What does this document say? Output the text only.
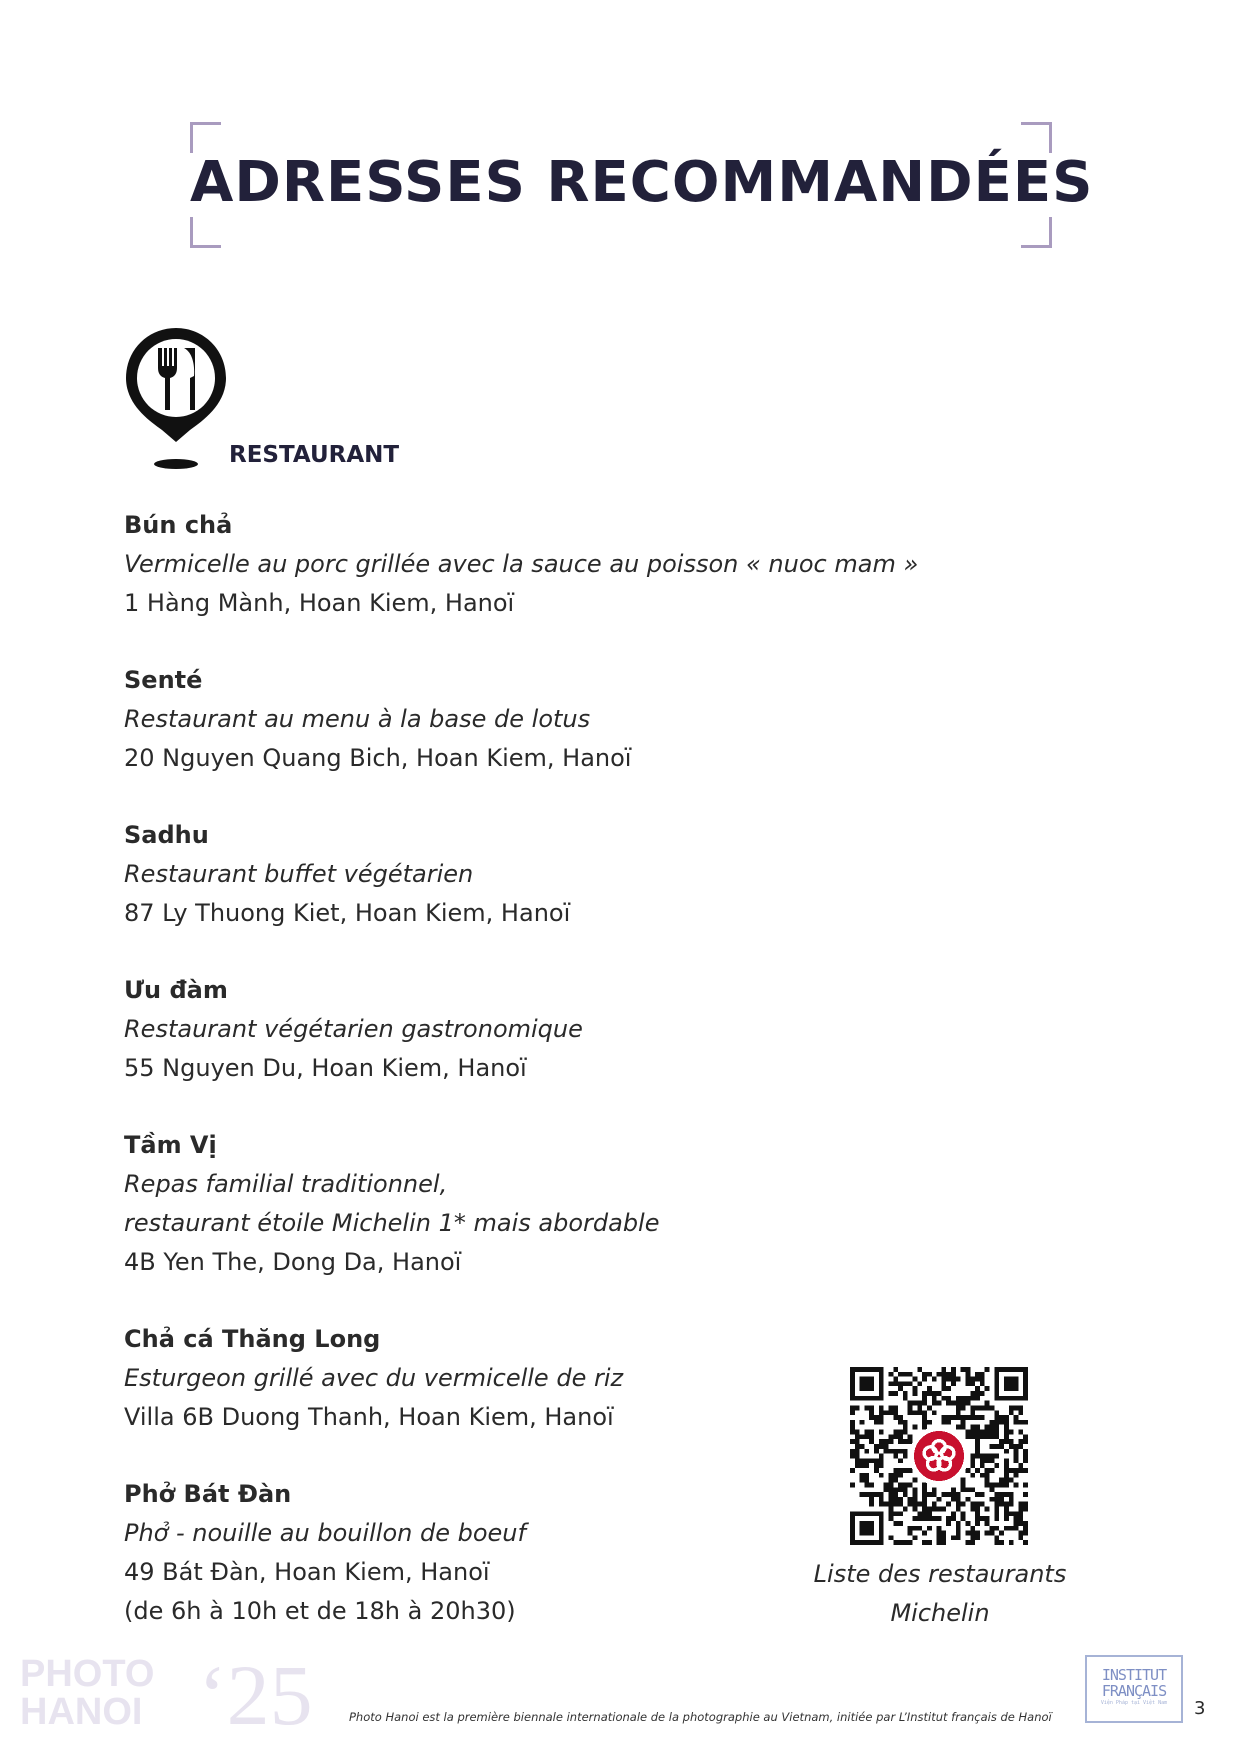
ADRESSES RECOMMANDÉES
RESTAURANT
Bún chả
Vermicelle au porc grillée avec la sauce au poisson « nuoc mam »
1 Hàng Mành, Hoan Kiem, Hanoï
Senté
Restaurant au menu à la base de lotus
20 Nguyen Quang Bich, Hoan Kiem, Hanoï
Sadhu
Restaurant buffet végétarien
87 Ly Thuong Kiet, Hoan Kiem, Hanoï
Ưu đàm
Restaurant végétarien gastronomique
55 Nguyen Du, Hoan Kiem, Hanoï
Tầm Vị
Repas familial traditionnel,
restaurant étoile Michelin 1* mais abordable
4B Yen The, Dong Da, Hanoï
Chả cá Thăng Long
Esturgeon grillé avec du vermicelle de riz
Villa 6B Duong Thanh, Hoan Kiem, Hanoï
Phở Bát Đàn
Phở - nouille au bouillon de boeuf
49 Bát Đàn, Hoan Kiem, Hanoï
(de 6h à 10h et de 18h à 20h30)
Liste des restaurants
Michelin
PHOTO
HANOI ‘25	Photo Hanoi est la première biennale internationale de la photographie au Vietnam, initiée par L’Institut français de Hanoï
INSTITUT
FRANÇAIS
Viện Pháp tại Việt Nam	3
